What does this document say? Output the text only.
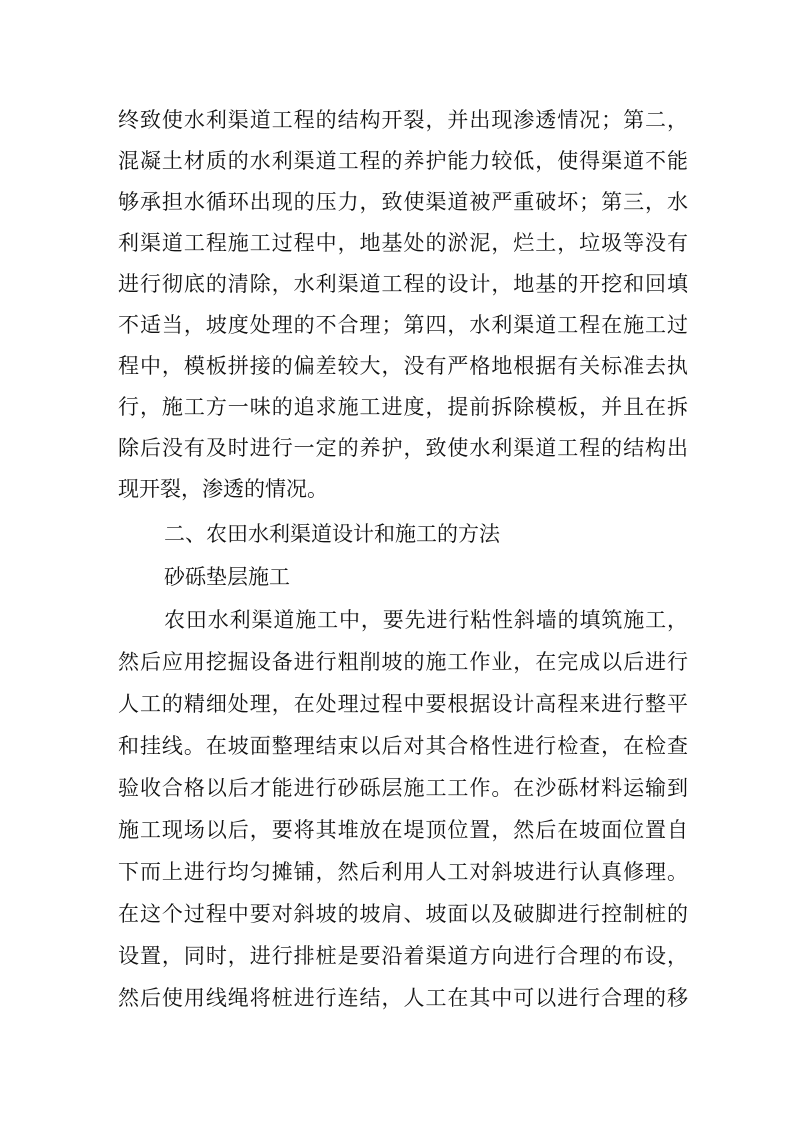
终致使水利渠道工程的结构开裂，并出现渗透情况；第二，
混凝土材质的水利渠道工程的养护能力较低，使得渠道不能
够承担水循环出现的压力，致使渠道被严重破坏；第三，水
利渠道工程施工过程中，地基处的淤泥，烂土，垃圾等没有
进行彻底的清除，水利渠道工程的设计，地基的开挖和回填
不适当，坡度处理的不合理；第四，水利渠道工程在施工过
程中，模板拼接的偏差较大，没有严格地根据有关标准去执
行，施工方一味的追求施工进度，提前拆除模板，并且在拆
除后没有及时进行一定的养护，致使水利渠道工程的结构出
现开裂，渗透的情况。
二、农田水利渠道设计和施工的方法
砂砾垫层施工
农田水利渠道施工中，要先进行粘性斜墙的填筑施工，
然后应用挖掘设备进行粗削坡的施工作业，在完成以后进行
人工的精细处理，在处理过程中要根据设计高程来进行整平
和挂线。在坡面整理结束以后对其合格性进行检查，在检查
验收合格以后才能进行砂砾层施工工作。在沙砾材料运输到
施工现场以后，要将其堆放在堤顶位置，然后在坡面位置自
下而上进行均匀摊铺，然后利用人工对斜坡进行认真修理。
在这个过程中要对斜坡的坡肩、坡面以及破脚进行控制桩的
设置，同时，进行排桩是要沿着渠道方向进行合理的布设，
然后使用线绳将桩进行连结，人工在其中可以进行合理的移
